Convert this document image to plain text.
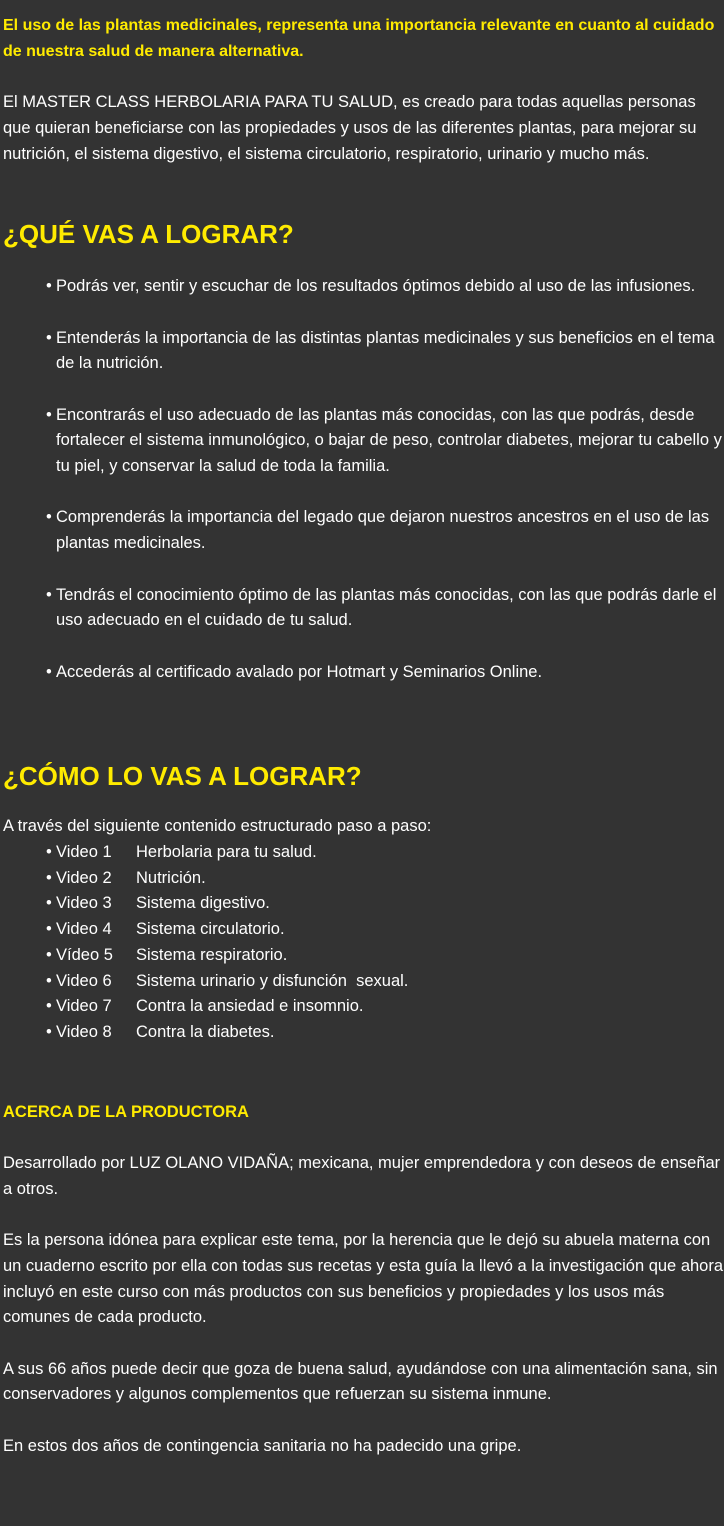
El uso de las plantas medicinales, representa una importancia relevante en cuanto al cuidado de nuestra salud de manera alternativa.

El MASTER CLASS HERBOLARIA PARA TU SALUD, es creado para todas aquellas personas que quieran beneficiarse con las propiedades y usos de las diferentes plantas, para mejorar su nutrición, el sistema digestivo, el sistema circulatorio, respiratorio, urinario y mucho más.

¿QUÉ VAS A LOGRAR?
• Podrás ver, sentir y escuchar de los resultados óptimos debido al uso de las infusiones.
• Entenderás la importancia de las distintas plantas medicinales y sus beneficios en el tema de la nutrición.
• Encontrarás el uso adecuado de las plantas más conocidas, con las que podrás, desde fortalecer el sistema inmunológico, o bajar de peso, controlar diabetes, mejorar tu cabello y tu piel, y conservar la salud de toda la familia.
• Comprenderás la importancia del legado que dejaron nuestros ancestros en el uso de las plantas medicinales.
• Tendrás el conocimiento óptimo de las plantas más conocidas, con las que podrás darle el uso adecuado en el cuidado de tu salud.
• Accederás al certificado avalado por Hotmart y Seminarios Online.
¿CÓMO LO VAS A LOGRAR?

A través del siguiente contenido estructurado paso a paso:

• Video 1 Herbolaria para tu salud.
• Video 2 Nutrición.
• Video 3 Sistema digestivo.
• Video 4 Sistema circulatorio.
• Vídeo 5 Sistema respiratorio.
• Video 6 Sistema urinario y disfunción  sexual.
• Video 7 Contra la ansiedad e insomnio.
• Video 8 Contra la diabetes.
ACERCA DE LA PRODUCTORA

Desarrollado por LUZ OLANO VIDAÑA; mexicana, mujer emprendedora y con deseos de enseñar a otros.

Es la persona idónea para explicar este tema, por la herencia que le dejó su abuela materna con un cuaderno escrito por ella con todas sus recetas y esta guía la llevó a la investigación que ahora incluyó en este curso con más productos con sus beneficios y propiedades y los usos más comunes de cada producto.

A sus 66 años puede decir que goza de buena salud, ayudándose con una alimentación sana, sin conservadores y algunos complementos que refuerzan su sistema inmune.

En estos dos años de contingencia sanitaria no ha padecido una gripe.
